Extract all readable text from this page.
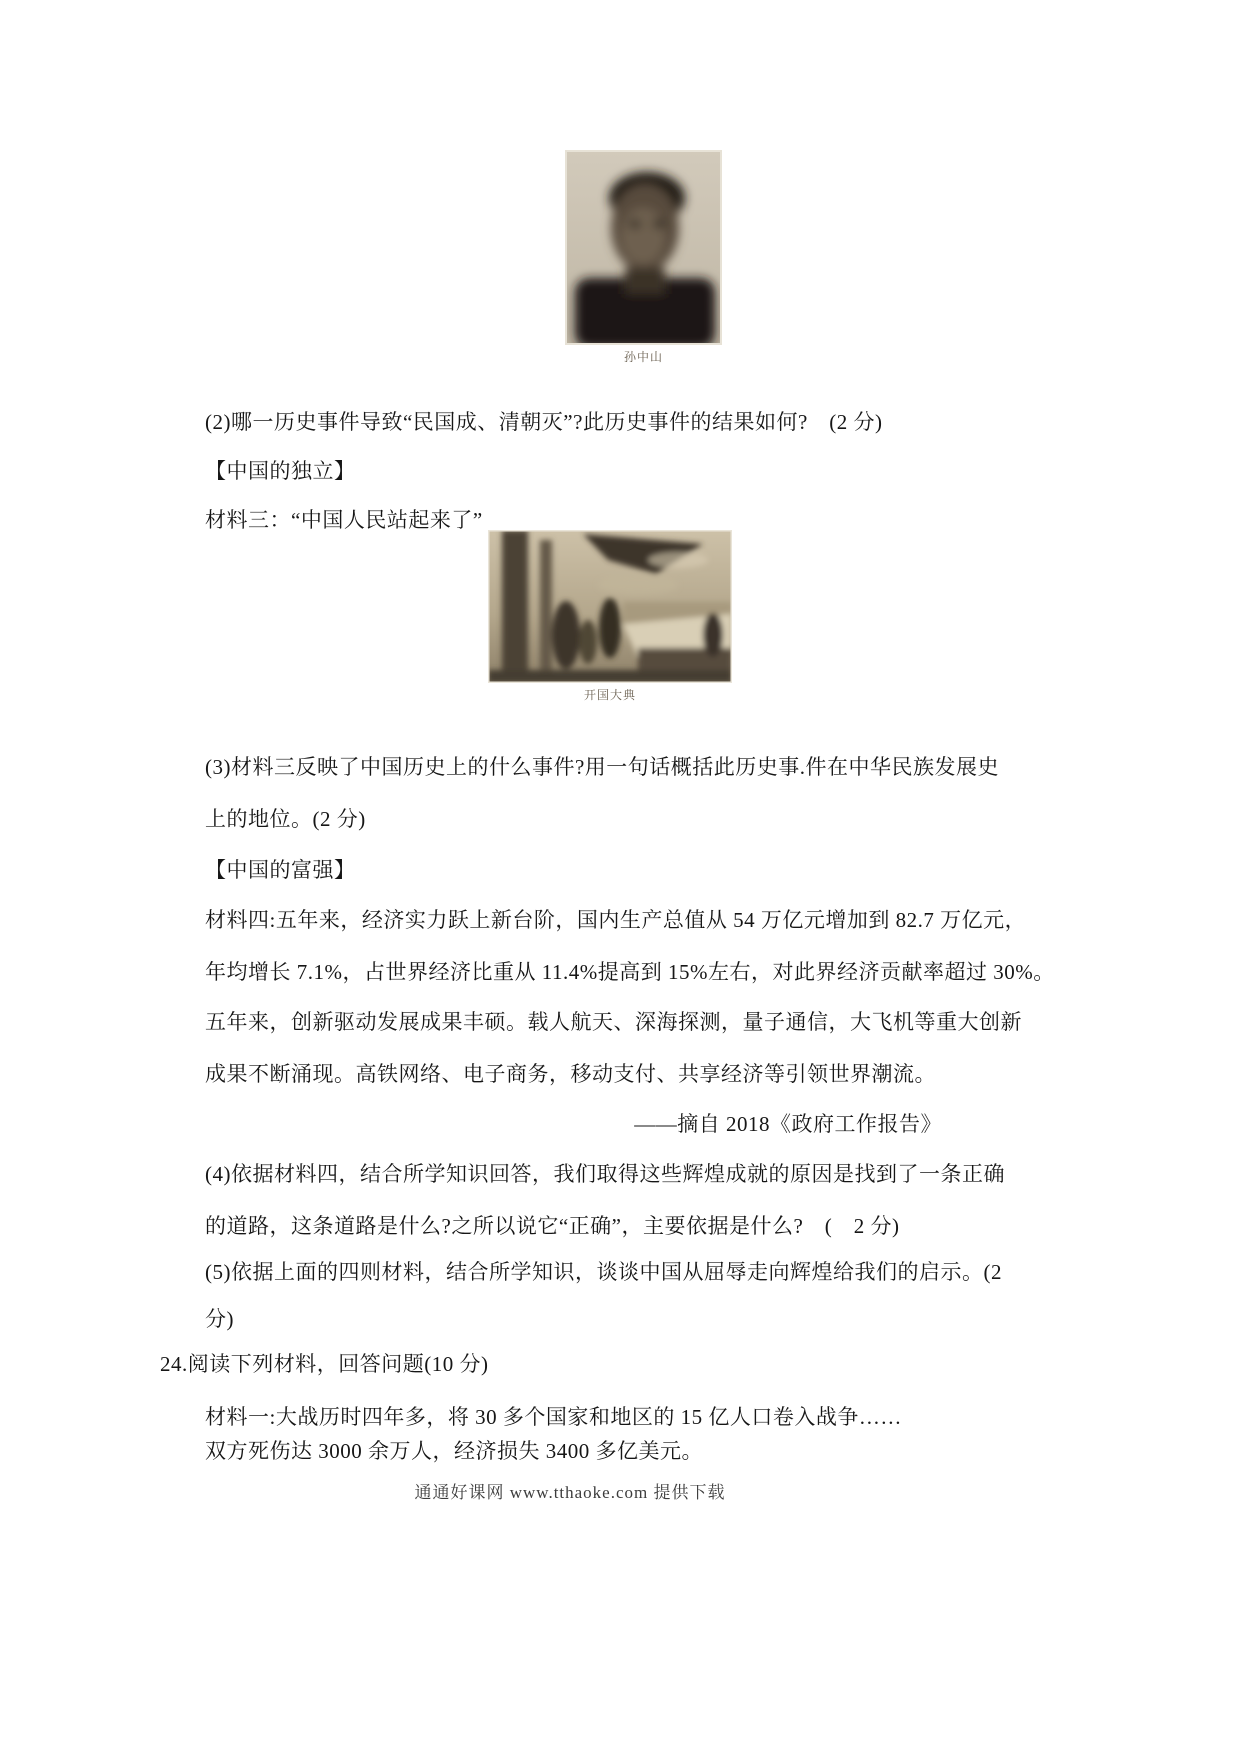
孙中山

(2)哪一历史事件导致“民国成、清朝灭”?此历史事件的结果如何?　(2 分)

【中国的独立】

材料三：“中国人民站起来了”

开国大典

(3)材料三反映了中国历史上的什么事件?用一句话概括此历史事.件在中华民族发展史

上的地位。(2 分)

【中国的富强】

材料四:五年来，经济实力跃上新台阶，国内生产总值从 54 万亿元增加到 82.7 万亿元，

年均增长 7.1%，占世界经济比重从 11.4%提高到 15%左右，对此界经济贡献率超过 30%。

五年来，创新驱动发展成果丰硕。载人航天、深海探测，量子通信，大飞机等重大创新

成果不断涌现。高铁网络、电子商务，移动支付、共享经济等引领世界潮流。

——摘自 2018《政府工作报告》

(4)依据材料四，结合所学知识回答，我们取得这些辉煌成就的原因是找到了一条正确

的道路，这条道路是什么?之所以说它“正确”，主要依据是什么?　(　2 分)

(5)依据上面的四则材料，结合所学知识，谈谈中国从屈辱走向辉煌给我们的启示。(2

分)

24.阅读下列材料，回答问题(10 分)

材料一:大战历时四年多，将 30 多个国家和地区的 15 亿人口卷入战争……

双方死伤达 3000 余万人，经济损失 3400 多亿美元。

通通好课网 www.tthaoke.com 提供下载
